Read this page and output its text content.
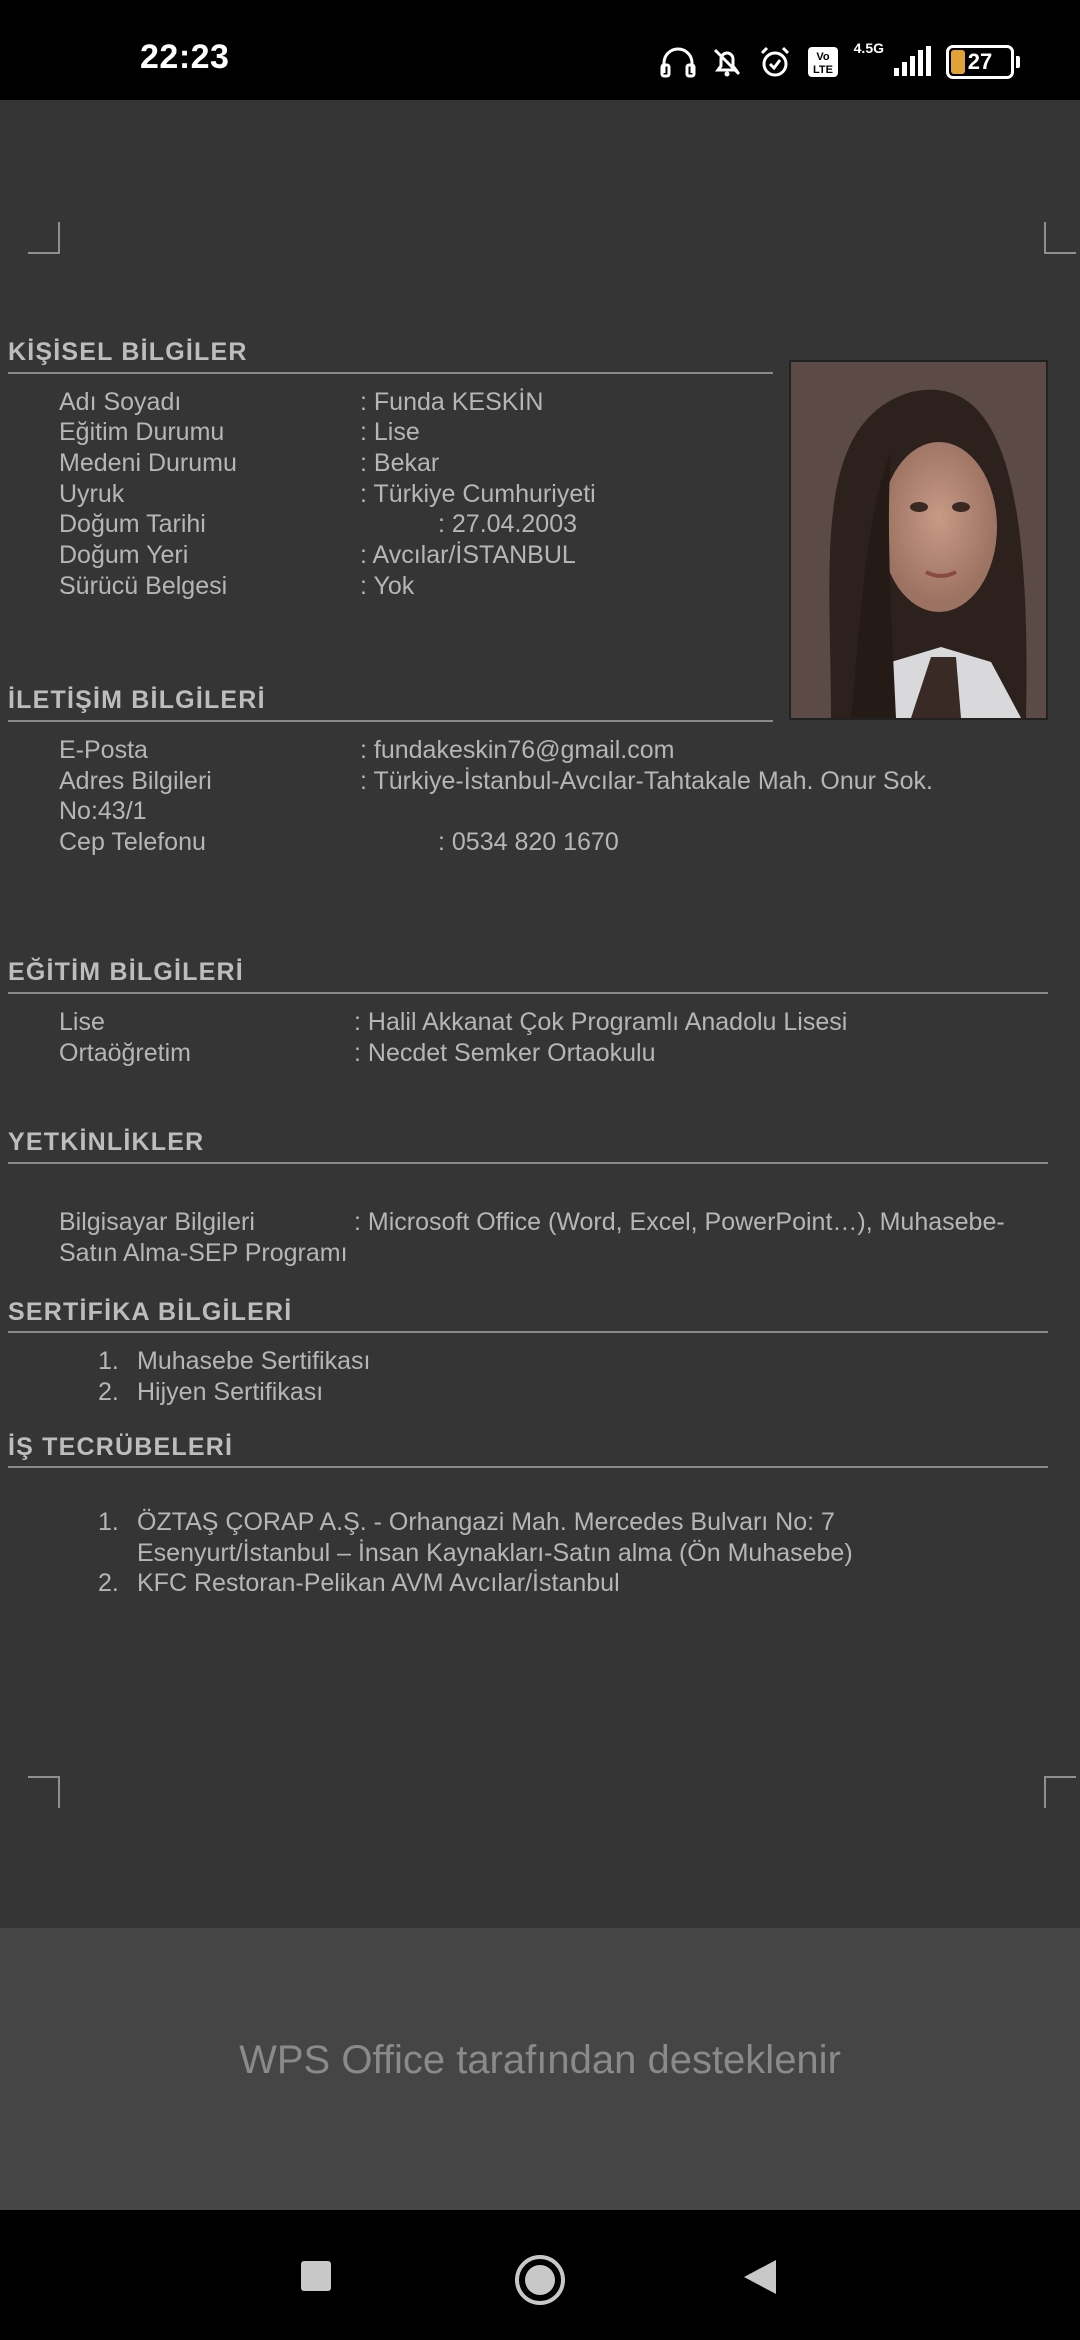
22:23	Vo
LTE
4.5G
27
KİŞİSEL BİLGİLER
Adı Soyadı	: Funda KESKİN
Eğitim Durumu	: Lise
Medeni Durumu	: Bekar
Uyruk	: Türkiye Cumhuriyeti
Doğum Tarihi	: 27.04.2003
Doğum Yeri	: Avcılar/İSTANBUL
Sürücü Belgesi	: Yok
İLETİŞİM BİLGİLERİ
E-Posta	: fundakeskin76@gmail.com
Adres Bilgileri	: Türkiye-İstanbul-Avcılar-Tahtakale Mah. Onur Sok.
No:43/1
Cep Telefonu	: 0534 820 1670
EĞİTİM BİLGİLERİ
Lise	: Halil Akkanat Çok Programlı Anadolu Lisesi
Ortaöğretim	: Necdet Semker Ortaokulu
YETKİNLİKLER
Bilgisayar Bilgileri	: Microsoft Office (Word, Excel, PowerPoint…), Muhasebe-
Satın Alma-SEP Programı
SERTİFİKA BİLGİLERİ
1. Muhasebe Sertifikası
2. Hijyen Sertifikası
İŞ TECRÜBELERİ
1. ÖZTAŞ ÇORAP A.Ş. - Orhangazi Mah. Mercedes Bulvarı No: 7
Esenyurt/İstanbul – İnsan Kaynakları-Satın alma (Ön Muhasebe)
2. KFC Restoran-Pelikan AVM Avcılar/İstanbul
WPS Office tarafından desteklenir
